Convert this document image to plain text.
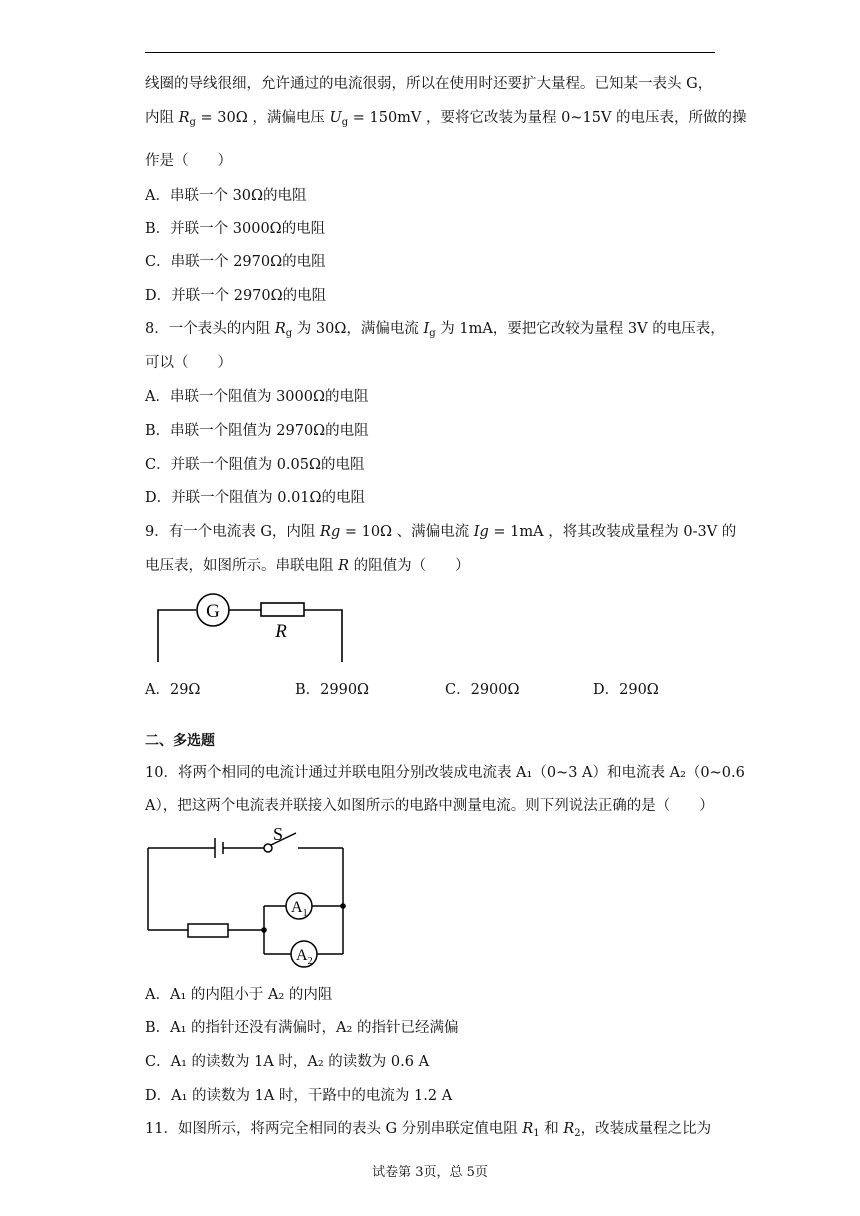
线圈的导线很细，允许通过的电流很弱，所以在使用时还要扩大量程。已知某一表头 G，
内阻 $R_g = 30\Omega$ ，满偏电压 $U_g = 150mV$ ，要将它改装为量程 0~15V 的电压表，所做的操
作是（　　）
A．串联一个 30Ω的电阻
B．并联一个 3000Ω的电阻
C．串联一个 2970Ω的电阻
D．并联一个 2970Ω的电阻
8．一个表头的内阻 $R_g$ 为 30Ω，满偏电流 $I_g$ 为 1mA，要把它改较为量程 3V 的电压表，
可以（　　）
A．串联一个阻值为 3000Ω的电阻
B．串联一个阻值为 2970Ω的电阻
C．并联一个阻值为 0.05Ω的电阻
D．并联一个阻值为 0.01Ω的电阻
9．有一个电流表 G，内阻 Rg = 10Ω 、满偏电流 Ig = 1mA ，将其改装成量程为 0-3V 的
电压表，如图所示。串联电阻 R 的阻值为（　　）
G
R
A．29Ω	B．2990Ω	C．2900Ω	D．290Ω
二、多选题
10．将两个相同的电流计通过并联电阻分别改装成电流表 A₁（0~3 A）和电流表 A₂（0~0.6
A），把这两个电流表并联接入如图所示的电路中测量电流。则下列说法正确的是（　　）
S
$A_1$
$A_2$
A．A₁ 的内阻小于 A₂ 的内阻
B．A₁ 的指针还没有满偏时，A₂ 的指针已经满偏
C．A₁ 的读数为 1A 时，A₂ 的读数为 0.6 A
D．A₁ 的读数为 1A 时，干路中的电流为 1.2 A
11．如图所示，将两完全相同的表头 G 分别串联定值电阻 $R_1$ 和 $R_2$，改装成量程之比为
试卷第 3页，总 5页
